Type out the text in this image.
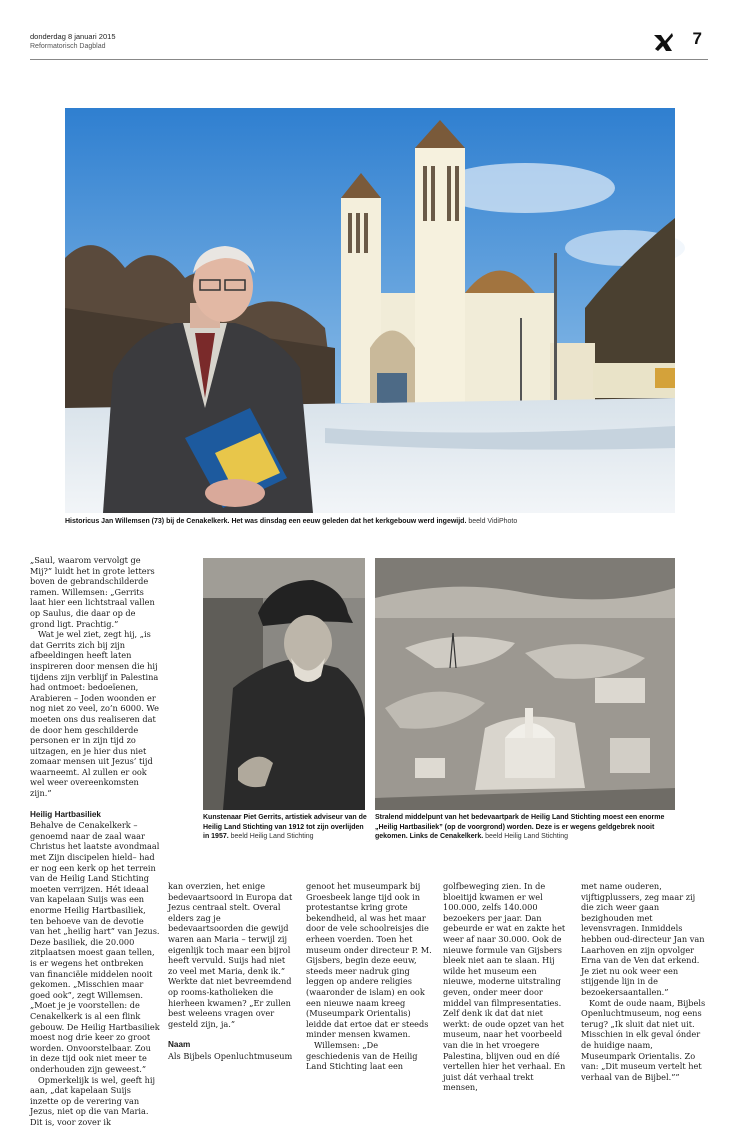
donderdag 8 januari 2015
Reformatorisch Dagblad	7
Historicus Jan Willemsen (73) bij de Cenakelkerk. Het was dinsdag een eeuw geleden dat het kerkgebouw werd ingewijd. beeld VidiPhoto
Kunstenaar Piet Gerrits, artistiek adviseur van de Heilig Land Stichting van 1912 tot zijn overlijden in 1957. beeld Heilig Land Stichting
Stralend middelpunt van het bedevaartpark de Heilig Land Stichting moest een enorme „Heilig Hartbasiliek” (op de voorgrond) worden. Deze is er wegens geldgebrek nooit gekomen. Links de Cenakelkerk. beeld Heilig Land Stichting

„Saul, waarom vervolgt ge Mij?” luidt het in grote letters boven de gebrandschilderde ramen. Willemsen: „Gerrits laat hier een lichtstraal vallen op Saulus, die daar op de grond ligt. Prachtig.”

Wat je wel ziet, zegt hij, „is dat Gerrits zich bij zijn afbeeldingen heeft laten inspireren door mensen die hij tijdens zijn verblijf in Palestina had ontmoet: bedoeïenen, Arabieren – Joden woonden er nog niet zo veel, zo’n 6000. We moeten ons dus realiseren dat de door hem geschilderde personen er in zijn tijd zo uitzagen, en je hier dus niet zomaar mensen uit Jezus’ tijd waarneemt. Al zullen er ook wel weer overeenkomsten zijn.”

Heilig Hartbasiliek

Behalve de Cenakelkerk –genoemd naar de zaal waar Christus het laatste avondmaal met Zijn discipelen hield– had er nog een kerk op het terrein van de Heilig Land Stichting moeten verrijzen. Hét ideaal van kapelaan Suijs was een enorme Heilig Hartbasiliek, ten behoeve van de devotie van het „heilig hart” van Jezus. Deze basiliek, die 20.000 zitplaatsen moest gaan tellen, is er wegens het ontbreken van financiële middelen nooit gekomen. „Misschien maar goed ook”, zegt Willemsen. „Moet je je voorstellen: de Cenakelkerk is al een flink gebouw. De Heilig Hartbasiliek moest nog drie keer zo groot worden. Onvoorstelbaar. Zou in deze tijd ook niet meer te onderhouden zijn geweest.”

Opmerkelijk is wel, geeft hij aan, „dat kapelaan Suijs inzette op de verering van Jezus, niet op die van Maria. Dit is, voor zover ik

kan overzien, het enige bedevaartsoord in Europa dat Jezus centraal stelt. Overal elders zag je bedevaartsoorden die gewijd waren aan Maria – terwijl zij eigenlijk toch maar een bijrol heeft vervuld. Suijs had niet zo veel met Maria, denk ik.” Werkte dat niet bevreemdend op rooms-katholieken die hierheen kwamen? „Er zullen best weleens vragen over gesteld zijn, ja.”

Naam

Als Bijbels Openluchtmuseum

genoot het museumpark bij Groesbeek lange tijd ook in protestantse kring grote bekendheid, al was het maar door de vele schoolreisjes die erheen voerden. Toen het museum onder directeur P. M. Gijsbers, begin deze eeuw, steeds meer nadruk ging leggen op andere religies (waaronder de islam) en ook een nieuwe naam kreeg (Museumpark Orientalis) leidde dat ertoe dat er steeds minder mensen kwamen.

Willemsen: „De geschiedenis van de Heilig Land Stichting laat een

golfbeweging zien. In de bloeitijd kwamen er wel 100.000, zelfs 140.000 bezoekers per jaar. Dan gebeurde er wat en zakte het weer af naar 30.000. Ook de nieuwe formule van Gijsbers bleek niet aan te slaan. Hij wilde het museum een nieuwe, moderne uitstraling geven, onder meer door middel van filmpresentaties. Zelf denk ik dat dat niet werkt: de oude opzet van het museum, naar het voorbeeld van die in het vroegere Palestina, blijven oud en díé vertellen hier het verhaal. En juist dát verhaal trekt mensen,

met name ouderen, vijftigplussers, zeg maar zij die zich weer gaan bezighouden met levensvragen. Inmiddels hebben oud-directeur Jan van Laarhoven en zijn opvolger Erna van de Ven dat erkend. Je ziet nu ook weer een stijgende lijn in de bezoekersaantallen.”

Komt de oude naam, Bijbels Openluchtmuseum, nog eens terug? „Ik sluit dat niet uit. Misschien in elk geval ónder de huidige naam, Museumpark Orientalis. Zo van: „Dit museum vertelt het verhaal van de Bijbel.””
